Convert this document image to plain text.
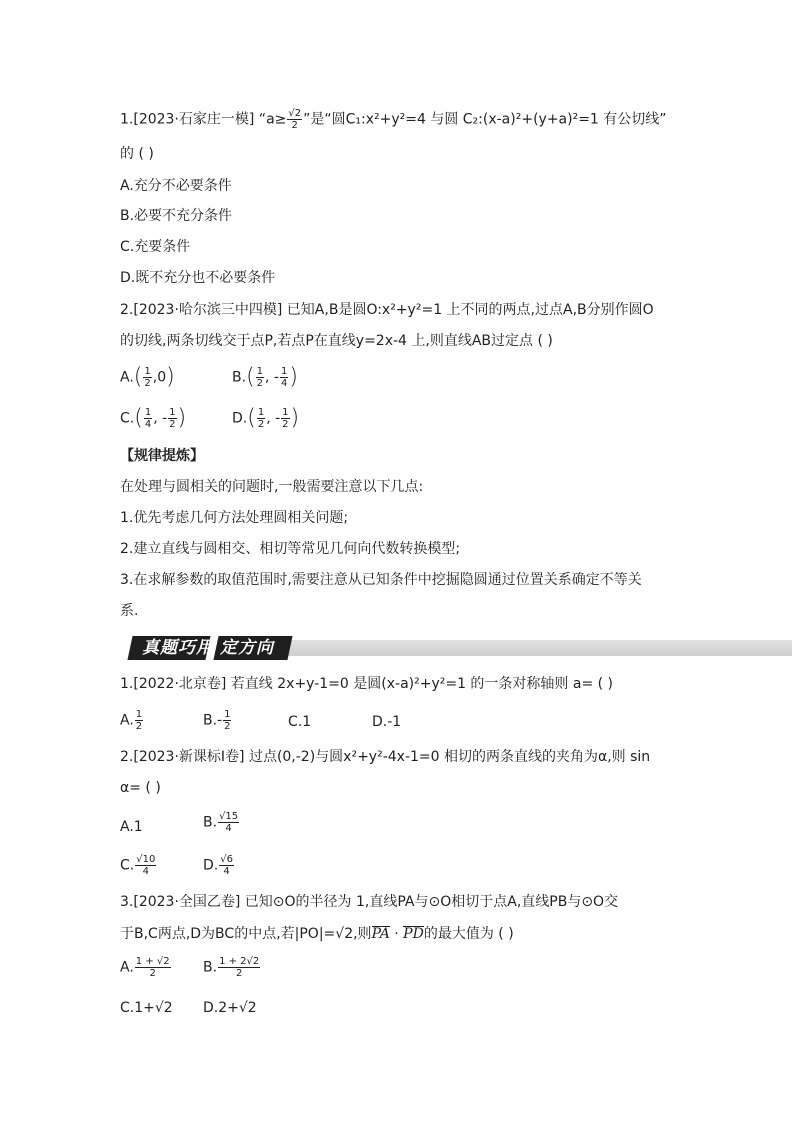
1.[2023·石家庄一模] “$a\ge \frac{√2}{2}$ ”是“圆C₁:x²+y²=4 与圆 C₂:(x-a)²+(y+a)²=1 有公切线”
的 ( )
A.充分不必要条件
B.必要不充分条件
C.充要条件
D.既不充分也不必要条件
2.[2023·哈尔滨三中四模] 已知A,B是圆O:x²+y²=1 上不同的两点,过点A,B分别作圆O
的切线,两条切线交于点P,若点P在直线y=2x-4 上,则直线AB过定点 ( )
$A.( \frac{1}{2} ,0)$	$B.( \frac{1}{2}$ , - $\frac{1}{4}$ )
$C.( \frac{1}{4}$ , - $\frac{1}{2}$ )	$D.( \frac{1}{2}$ , - $\frac{1}{2}$ )
【规律提炼】
在处理与圆相关的问题时,一般需要注意以下几点:
1.优先考虑几何方法处理圆相关问题;
2.建立直线与圆相交、相切等常见几何向代数转换模型;
3.在求解参数的取值范围时,需要注意从已知条件中挖掘隐圆通过位置关系确定不等关
系.
真题巧用 定方向
1.[2022·北京卷] 若直线 2x+y-1=0 是圆(x-a)²+y²=1 的一条对称轴则 a= ( )
A. $\frac{1}{2}$	$B.- \frac{1}{2}$	C.1	D.-1
2.[2023·新课标Ⅰ卷] 过点(0,-2)与圆x²+y²-4x-1=0 相切的两条直线的夹角为α,则 sin
α= ( )
A.1	B. $\frac{√15}{4}$
C. $\frac{√10}{4}$	D. $\frac{√6}{4}$
3.[2023·全国乙卷] 已知⊙O的半径为 1,直线PA与⊙O相切于点A,直线PB与⊙O交
于B,C两点,D为BC的中点,若|PO|=√2,则PA · PD的最大值为 ( )
A. $\frac{1 + √2}{2} B$. $\frac{1 + 2√2}{2}$
C.1+√2 D.2+√2
